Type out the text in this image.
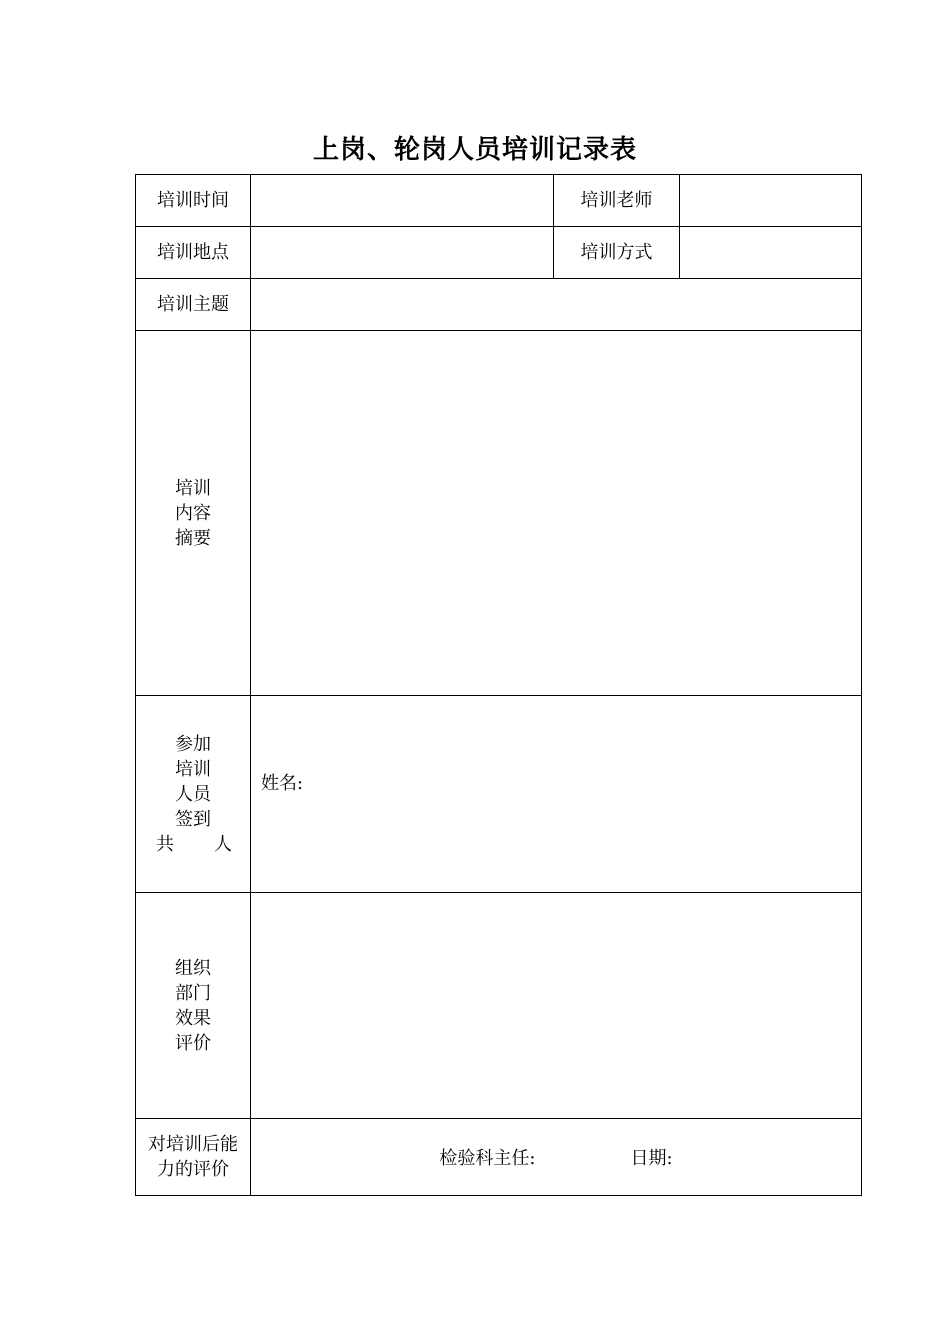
上岗、轮岗人员培训记录表
培训时间		培训老师	
培训地点		培训方式	
培训主题			

培训
内容
摘要			

参加
培训
人员
签到
共 人	姓名:		

组织
部门
效果
评价			

对培训后能
力的评价	检验科主任: 日期:		
